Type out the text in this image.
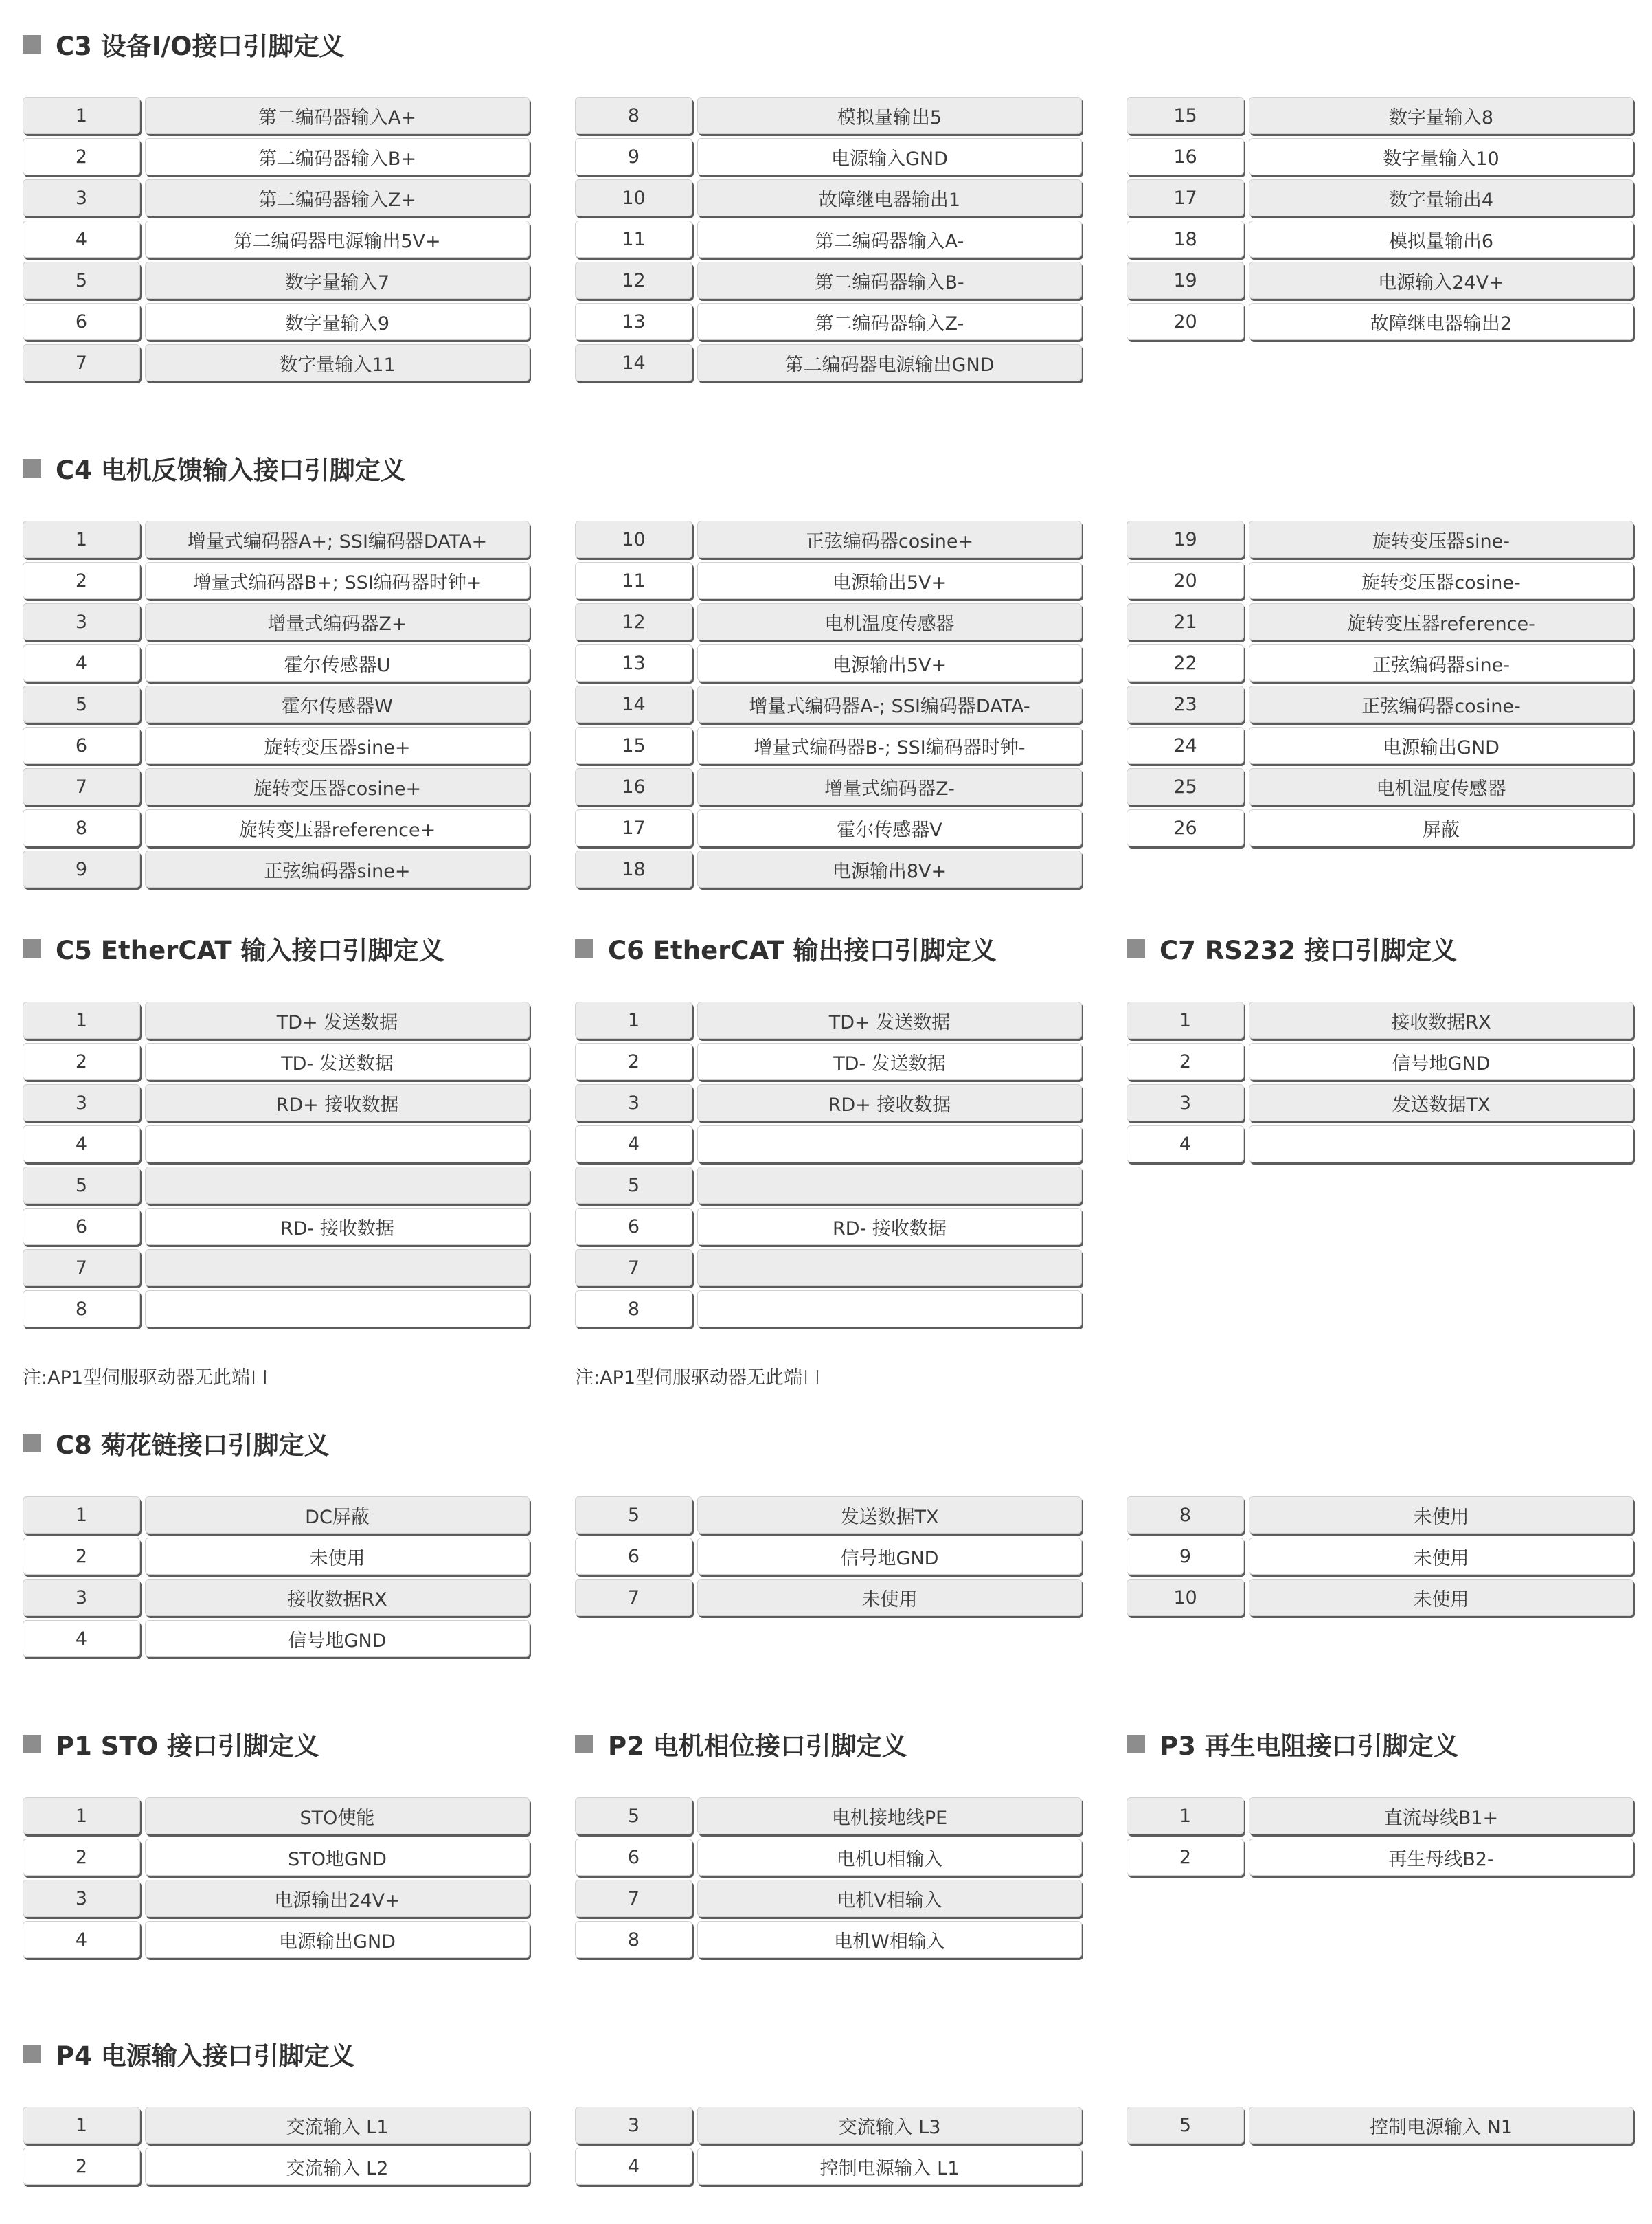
C3 设备I/O接口引脚定义
C4 电机反馈输入接口引脚定义
C5 EtherCAT 输入接口引脚定义	C6 EtherCAT 输出接口引脚定义	C7 RS232 接口引脚定义
C8 菊花链接口引脚定义
P1 STO 接口引脚定义	P2 电机相位接口引脚定义	P3 再生电阻接口引脚定义
P4 电源输入接口引脚定义
1	第二编码器输入A+
2	第二编码器输入B+
3	第二编码器输入Z+
4	第二编码器电源输出5V+
5	数字量输入7
6	数字量输入9
7	数字量输入11
8	模拟量输出5
9	电源输入GND
10	故障继电器输出1
11	第二编码器输入A-
12	第二编码器输入B-
13	第二编码器输入Z-
14	第二编码器电源输出GND
15	数字量输入8
16	数字量输入10
17	数字量输出4
18	模拟量输出6
19	电源输入24V+
20	故障继电器输出2
1	增量式编码器A+; SSI编码器DATA+
2	增量式编码器B+; SSI编码器时钟+
3	增量式编码器Z+
4	霍尔传感器U
5	霍尔传感器W
6	旋转变压器sine+
7	旋转变压器cosine+
8	旋转变压器reference+
9	正弦编码器sine+
10	正弦编码器cosine+
11	电源输出5V+
12	电机温度传感器
13	电源输出5V+
14	增量式编码器A-; SSI编码器DATA-
15	增量式编码器B-; SSI编码器时钟-
16	增量式编码器Z-
17	霍尔传感器V
18	电源输出8V+
19	旋转变压器sine-
20	旋转变压器cosine-
21	旋转变压器reference-
22	正弦编码器sine-
23	正弦编码器cosine-
24	电源输出GND
25	电机温度传感器
26	屏蔽
1	TD+ 发送数据
2	TD- 发送数据
3	RD+ 接收数据
4
5
6	RD- 接收数据
7
8
1	TD+ 发送数据
2	TD- 发送数据
3	RD+ 接收数据
4
5
6	RD- 接收数据
7
8
1	接收数据RX
2	信号地GND
3	发送数据TX
4
注:AP1型伺服驱动器无此端口	注:AP1型伺服驱动器无此端口
1	DC屏蔽
2	未使用
3	接收数据RX
4	信号地GND
5	发送数据TX
6	信号地GND
7	未使用
8	未使用
9	未使用
10	未使用
1	STO使能
2	STO地GND
3	电源输出24V+
4	电源输出GND
5	电机接地线PE
6	电机U相输入
7	电机V相输入
8	电机W相输入
1	直流母线B1+
2	再生母线B2-
1	交流输入 L1
2	交流输入 L2
3	交流输入 L3
4	控制电源输入 L1
5	控制电源输入 N1
